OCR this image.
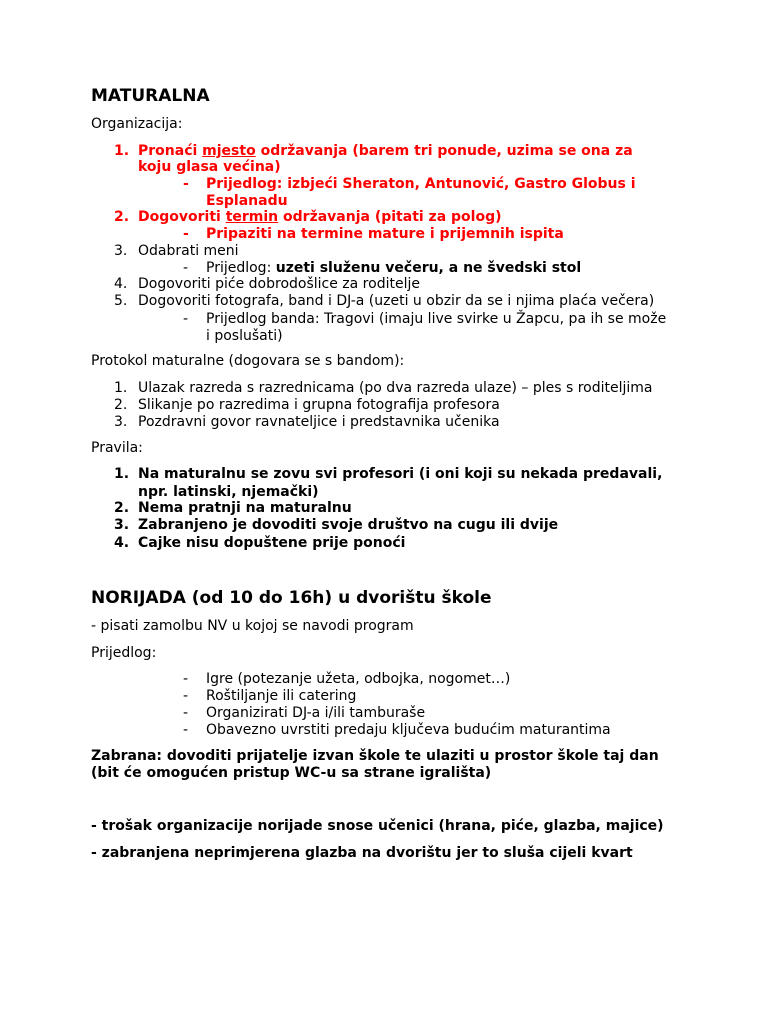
MATURALNA
Organizacija:
1. Pronaći mjesto održavanja (barem tri ponude, uzima se ona za
koju glasa većina)
- Prijedlog: izbjeći Sheraton, Antunović, Gastro Globus i
Esplanadu
2. Dogovoriti termin održavanja (pitati za polog)
- Pripaziti na termine mature i prijemnih ispita
3. Odabrati meni
- Prijedlog: uzeti služenu večeru, a ne švedski stol
4. Dogovoriti piće dobrodošlice za roditelje
5. Dogovoriti fotografa, band i DJ-a (uzeti u obzir da se i njima plaća večera)
- Prijedlog banda: Tragovi (imaju live svirke u Žapcu, pa ih se može
i poslušati)
Protokol maturalne (dogovara se s bandom):
1. Ulazak razreda s razrednicama (po dva razreda ulaze) – ples s roditeljima
2. Slikanje po razredima i grupna fotografija profesora
3. Pozdravni govor ravnateljice i predstavnika učenika
Pravila:
1. Na maturalnu se zovu svi profesori (i oni koji su nekada predavali,
npr. latinski, njemački)
2. Nema pratnji na maturalnu
3. Zabranjeno je dovoditi svoje društvo na cugu ili dvije
4. Cajke nisu dopuštene prije ponoći
NORIJADA (od 10 do 16h) u dvorištu škole
- pisati zamolbu NV u kojoj se navodi program
Prijedlog:
- Igre (potezanje užeta, odbojka, nogomet…)
- Roštiljanje ili catering
- Organizirati DJ-a i/ili tamburaše
- Obavezno uvrstiti predaju ključeva budućim maturantima
Zabrana: dovoditi prijatelje izvan škole te ulaziti u prostor škole taj dan
(bit će omogućen pristup WC-u sa strane igrališta)
- trošak organizacije norijade snose učenici (hrana, piće, glazba, majice)
- zabranjena neprimjerena glazba na dvorištu jer to sluša cijeli kvart
